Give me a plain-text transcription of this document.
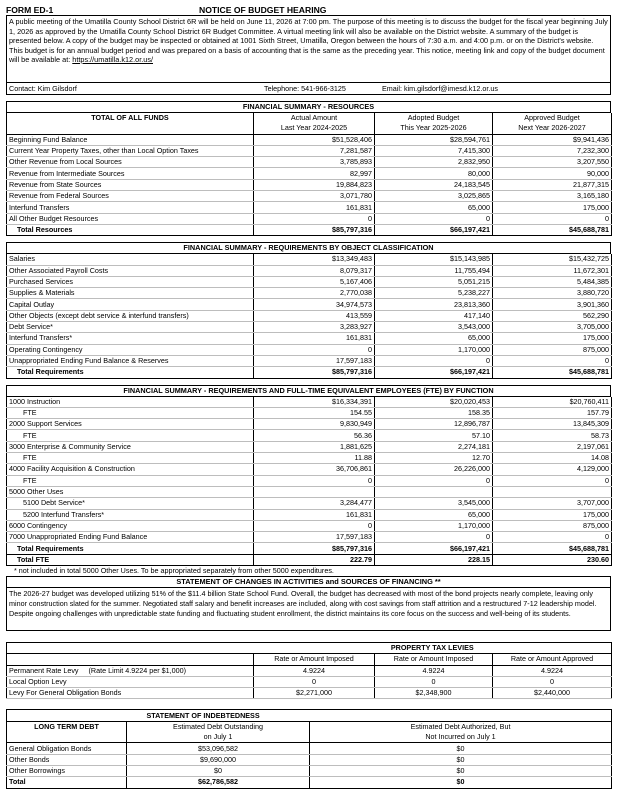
FORM ED-1	NOTICE OF BUDGET HEARING
A public meeting of the Umatilla County School District 6R will be held on June 11, 2026 at 7:00 pm. The purpose of this meeting is to discuss the budget for the fiscal year beginning July 1, 2026 as approved by the Umatilla County School District 6R Budget Committee. A virtual meeting link will also be available on the District website. A summary of the budget is presented below. A copy of the budget may be inspected or obtained at 1001 Sixth Street, Umatilla, Oregon between the hours of 7:30 a.m. and 4:00 p.m. or on the District's website. This budget is for an annual budget period and was prepared on a basis of accounting that is the same as the preceding year. This notice, meeting link and copy of the budget document will be available at: https://umatilla.k12.or.us/
Contact: Kim Gilsdorf	Telephone: 541-966-3125	Email: kim.gilsdorf@imesd.k12.or.us
FINANCIAL SUMMARY - RESOURCES
TOTAL OF ALL FUNDS	Actual Amount	Adopted Budget	Approved Budget
	Last Year 2024-2025	This Year 2025-2026	Next Year 2026-2027
Beginning Fund Balance	$51,528,406	$28,594,761	$9,941,436
Current Year Property Taxes, other than Local Option Taxes	7,281,587	7,415,300	7,232,300
Other Revenue from Local Sources	3,785,893	2,832,950	3,207,550
Revenue from Intermediate Sources	82,997	80,000	90,000
Revenue from State Sources	19,884,823	24,183,545	21,877,315
Revenue from Federal Sources	3,071,780	3,025,865	3,165,180
Interfund Transfers	161,831	65,000	175,000
All Other Budget Resources	0	0	0
Total Resources	$85,797,316	$66,197,421	$45,688,781
FINANCIAL SUMMARY - REQUIREMENTS BY OBJECT CLASSIFICATION
Salaries	$13,349,483	$15,143,985	$15,432,725
Other Associated Payroll Costs	8,079,317	11,755,494	11,672,301
Purchased Services	5,167,406	5,051,215	5,484,385
Supplies & Materials	2,770,038	5,238,227	3,880,720
Capital Outlay	34,974,573	23,813,360	3,901,360
Other Objects (except debt service & interfund transfers)	413,559	417,140	562,290
Debt Service*	3,283,927	3,543,000	3,705,000
Interfund Transfers*	161,831	65,000	175,000
Operating Contingency	0	1,170,000	875,000
Unappropriated Ending Fund Balance & Reserves	17,597,183	0	0
Total Requirements	$85,797,316	$66,197,421	$45,688,781
FINANCIAL SUMMARY - REQUIREMENTS AND FULL-TIME EQUIVALENT EMPLOYEES (FTE) BY FUNCTION
1000 Instruction	$16,334,391	$20,020,453	$20,760,411
FTE	154.55	158.35	157.79
2000 Support Services	9,830,949	12,896,787	13,845,309
FTE	56.36	57.10	58.73
3000 Enterprise & Community Service	1,881,625	2,274,181	2,197,061
FTE	11.88	12.70	14.08
4000 Facility Acquisition & Construction	36,706,861	26,226,000	4,129,000
FTE	0	0	0
5000 Other Uses			
5100 Debt Service*	3,284,477	3,545,000	3,707,000
5200 Interfund Transfers*	161,831	65,000	175,000
6000 Contingency	0	1,170,000	875,000
7000 Unappropriated Ending Fund Balance	17,597,183	0	0
Total Requirements	$85,797,316	$66,197,421	$45,688,781
Total FTE	222.79	228.15	230.60
* not included in total 5000 Other Uses. To be appropriated separately from other 5000 expenditures.
STATEMENT OF CHANGES IN ACTIVITIES and SOURCES OF FINANCING **
The 2026-27 budget was developed utilizing 51% of the $11.4 billion State School Fund. Overall, the budget has decreased with most of the bond projects nearly complete, leaving only minor construction slated for the summer. Negotiated staff salary and benefit increases are included, along with cost savings from staff attrition and a restructured 7-12 leadership model. Despite ongoing challenges with unpredictable state funding and fluctuating student enrollment, the district maintains its core focus on the success and well-being of its students.
	PROPERTY TAX LEVIES		
	Rate or Amount Imposed	Rate or Amount Imposed	Rate or Amount Approved
Permanent Rate Levy (Rate Limit 4.9224 per $1,000)	4.9224	4.9224	4.9224
Local Option Levy	0	0	0
Levy For General Obligation Bonds	$2,271,000	$2,348,900	$2,440,000
	STATEMENT OF INDEBTEDNESS	
LONG TERM DEBT	Estimated Debt Outstanding	Estimated Debt Authorized, But
	on July 1	Not Incurred on July 1
General Obligation Bonds	$53,096,582	$0
Other Bonds	$9,690,000	$0
Other Borrowings	$0	$0
Total	$62,786,582	$0
